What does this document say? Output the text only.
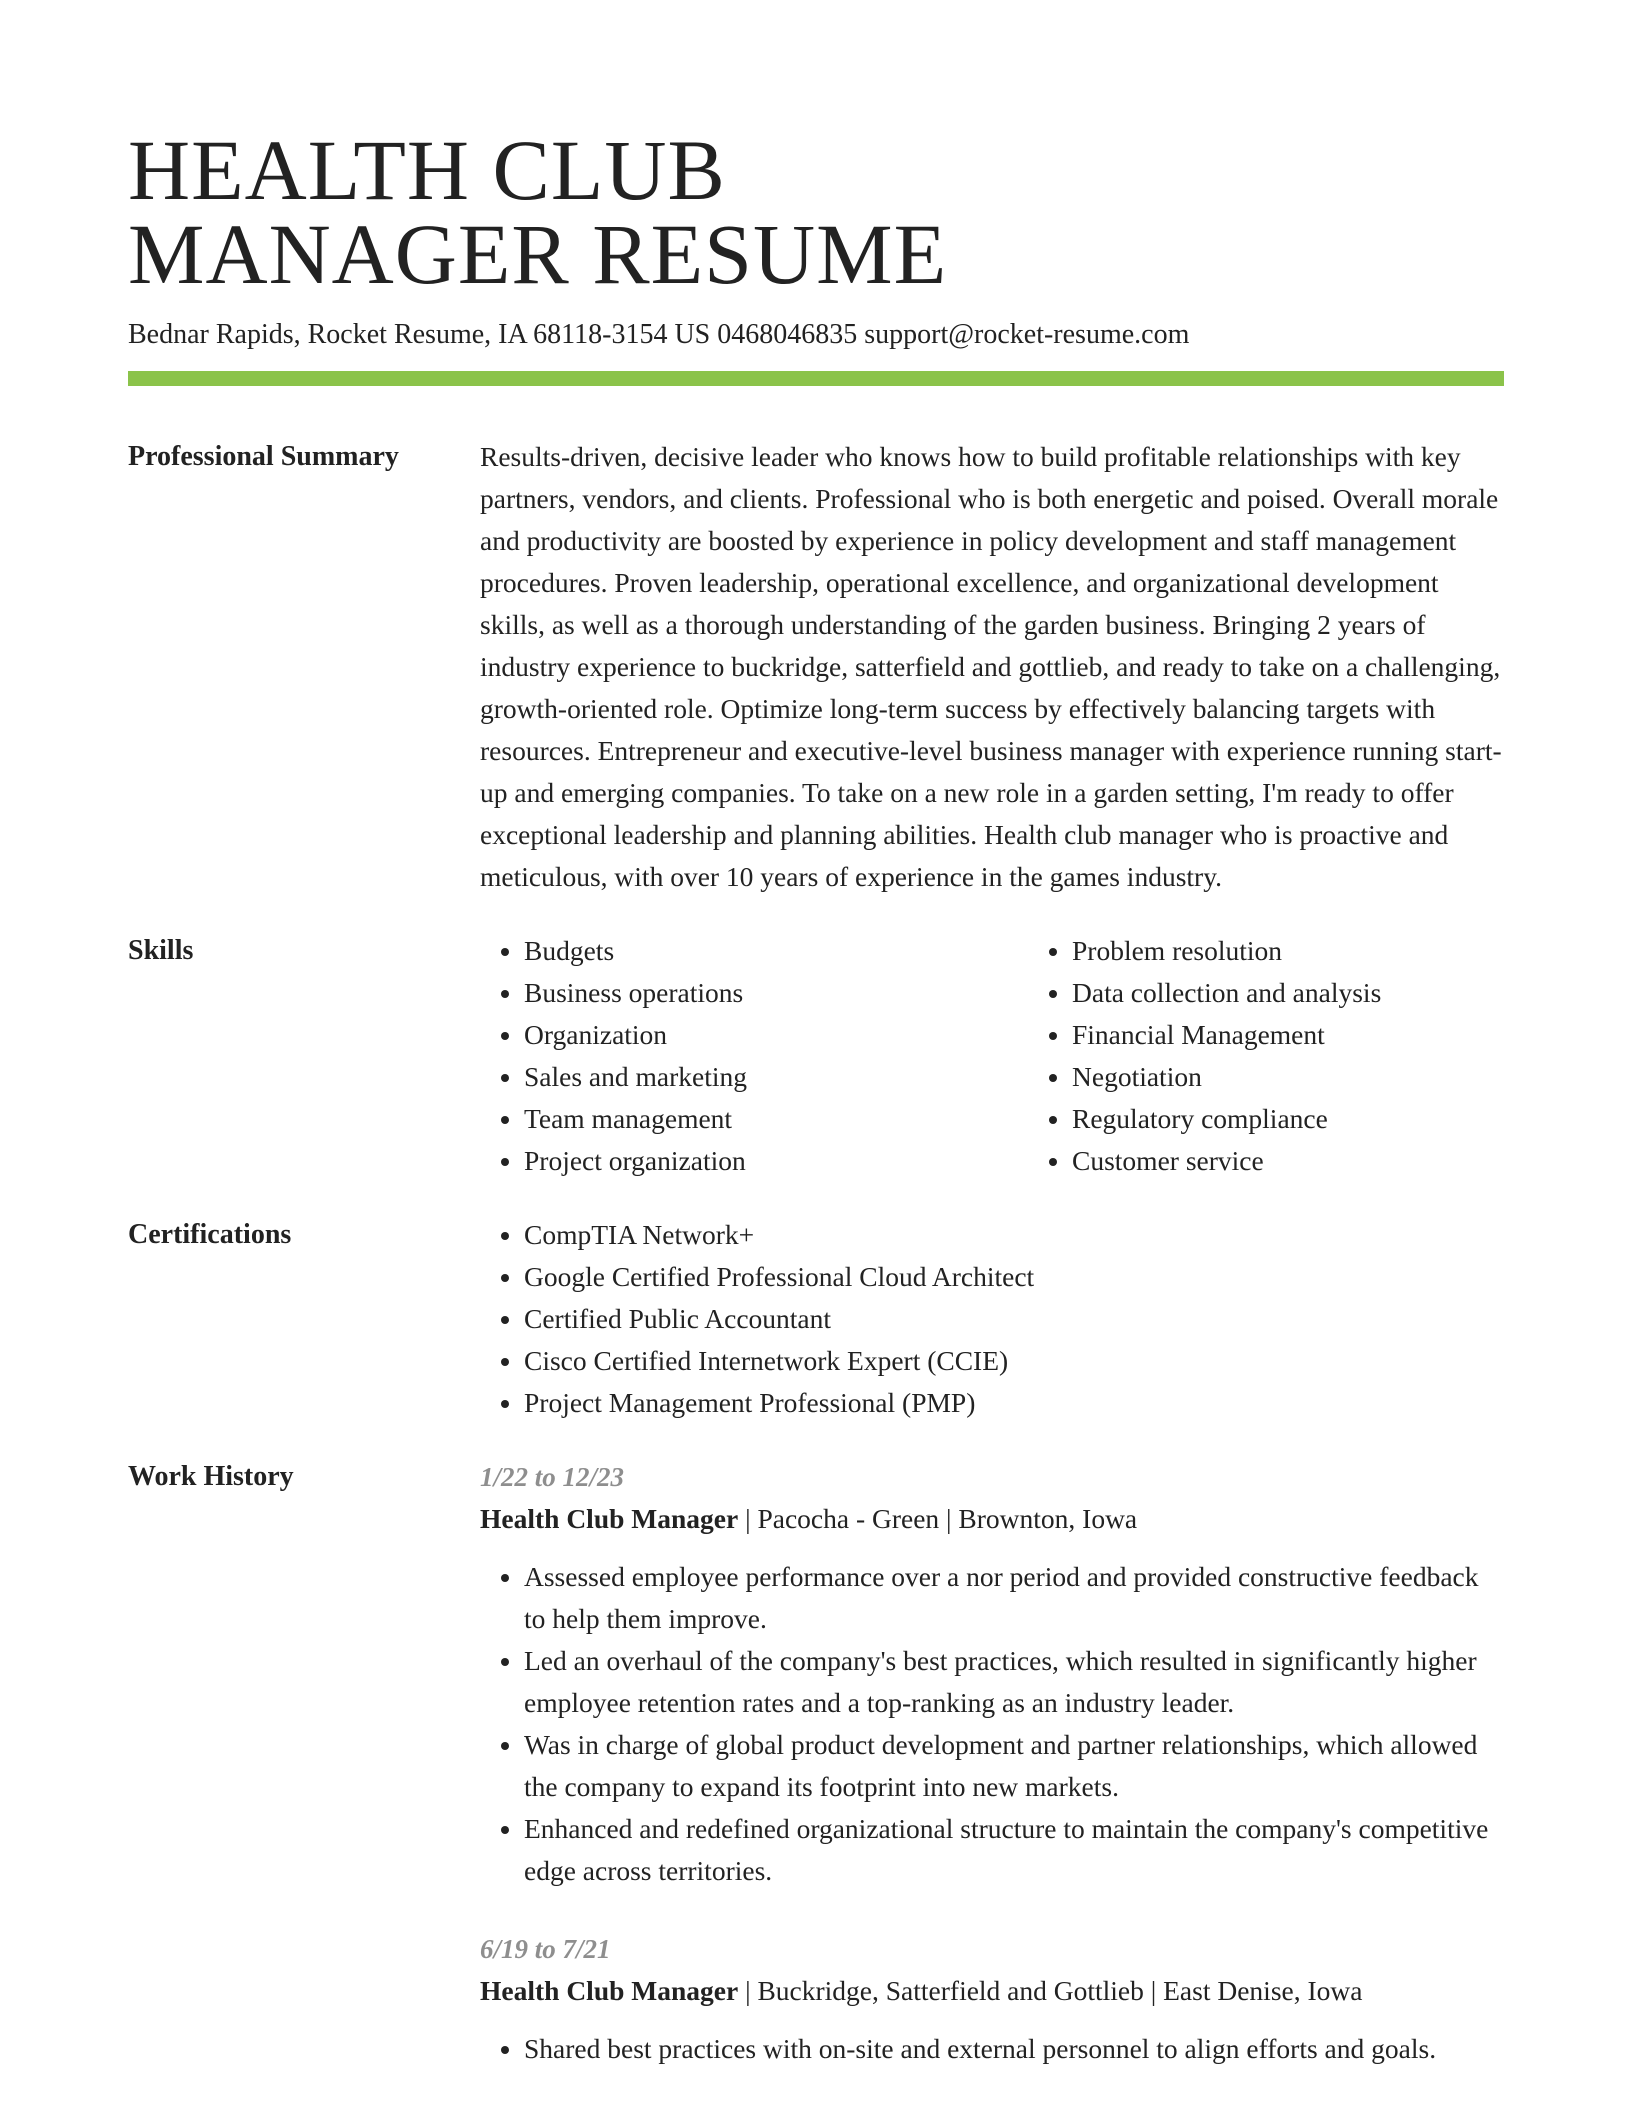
HEALTH CLUB
MANAGER RESUME
Bednar Rapids, Rocket Resume, IA 68118-3154 US 0468046835 support@rocket-resume.com
Professional Summary	Results-driven, decisive leader who knows how to build profitable relationships with key partners, vendors, and clients. Professional who is both energetic and poised. Overall morale and productivity are boosted by experience in policy development and staff management procedures. Proven leadership, operational excellence, and organizational development skills, as well as a thorough understanding of the garden business. Bringing 2 years of industry experience to buckridge, satterfield and gottlieb, and ready to take on a challenging, growth-oriented role. Optimize long-term success by effectively balancing targets with resources. Entrepreneur and executive-level business manager with experience running start-up and emerging companies. To take on a new role in a garden setting, I'm ready to offer exceptional leadership and planning abilities. Health club manager who is proactive and meticulous, with over 10 years of experience in the games industry.
Skills	• Budgets
• Business operations
• Organization
• Sales and marketing
• Team management
• Project organization
• Problem resolution
• Data collection and analysis
• Financial Management
• Negotiation
• Regulatory compliance
• Customer service
Certifications	• CompTIA Network+
• Google Certified Professional Cloud Architect
• Certified Public Accountant
• Cisco Certified Internetwork Expert (CCIE)
• Project Management Professional (PMP)
Work History	1/22 to 12/23
Health Club Manager | Pacocha - Green | Brownton, Iowa
• Assessed employee performance over a nor period and provided constructive feedback to help them improve.
• Led an overhaul of the company's best practices, which resulted in significantly higher employee retention rates and a top-ranking as an industry leader.
• Was in charge of global product development and partner relationships, which allowed the company to expand its footprint into new markets.
• Enhanced and redefined organizational structure to maintain the company's competitive edge across territories.
6/19 to 7/21
Health Club Manager | Buckridge, Satterfield and Gottlieb | East Denise, Iowa
• Shared best practices with on-site and external personnel to align efforts and goals.
